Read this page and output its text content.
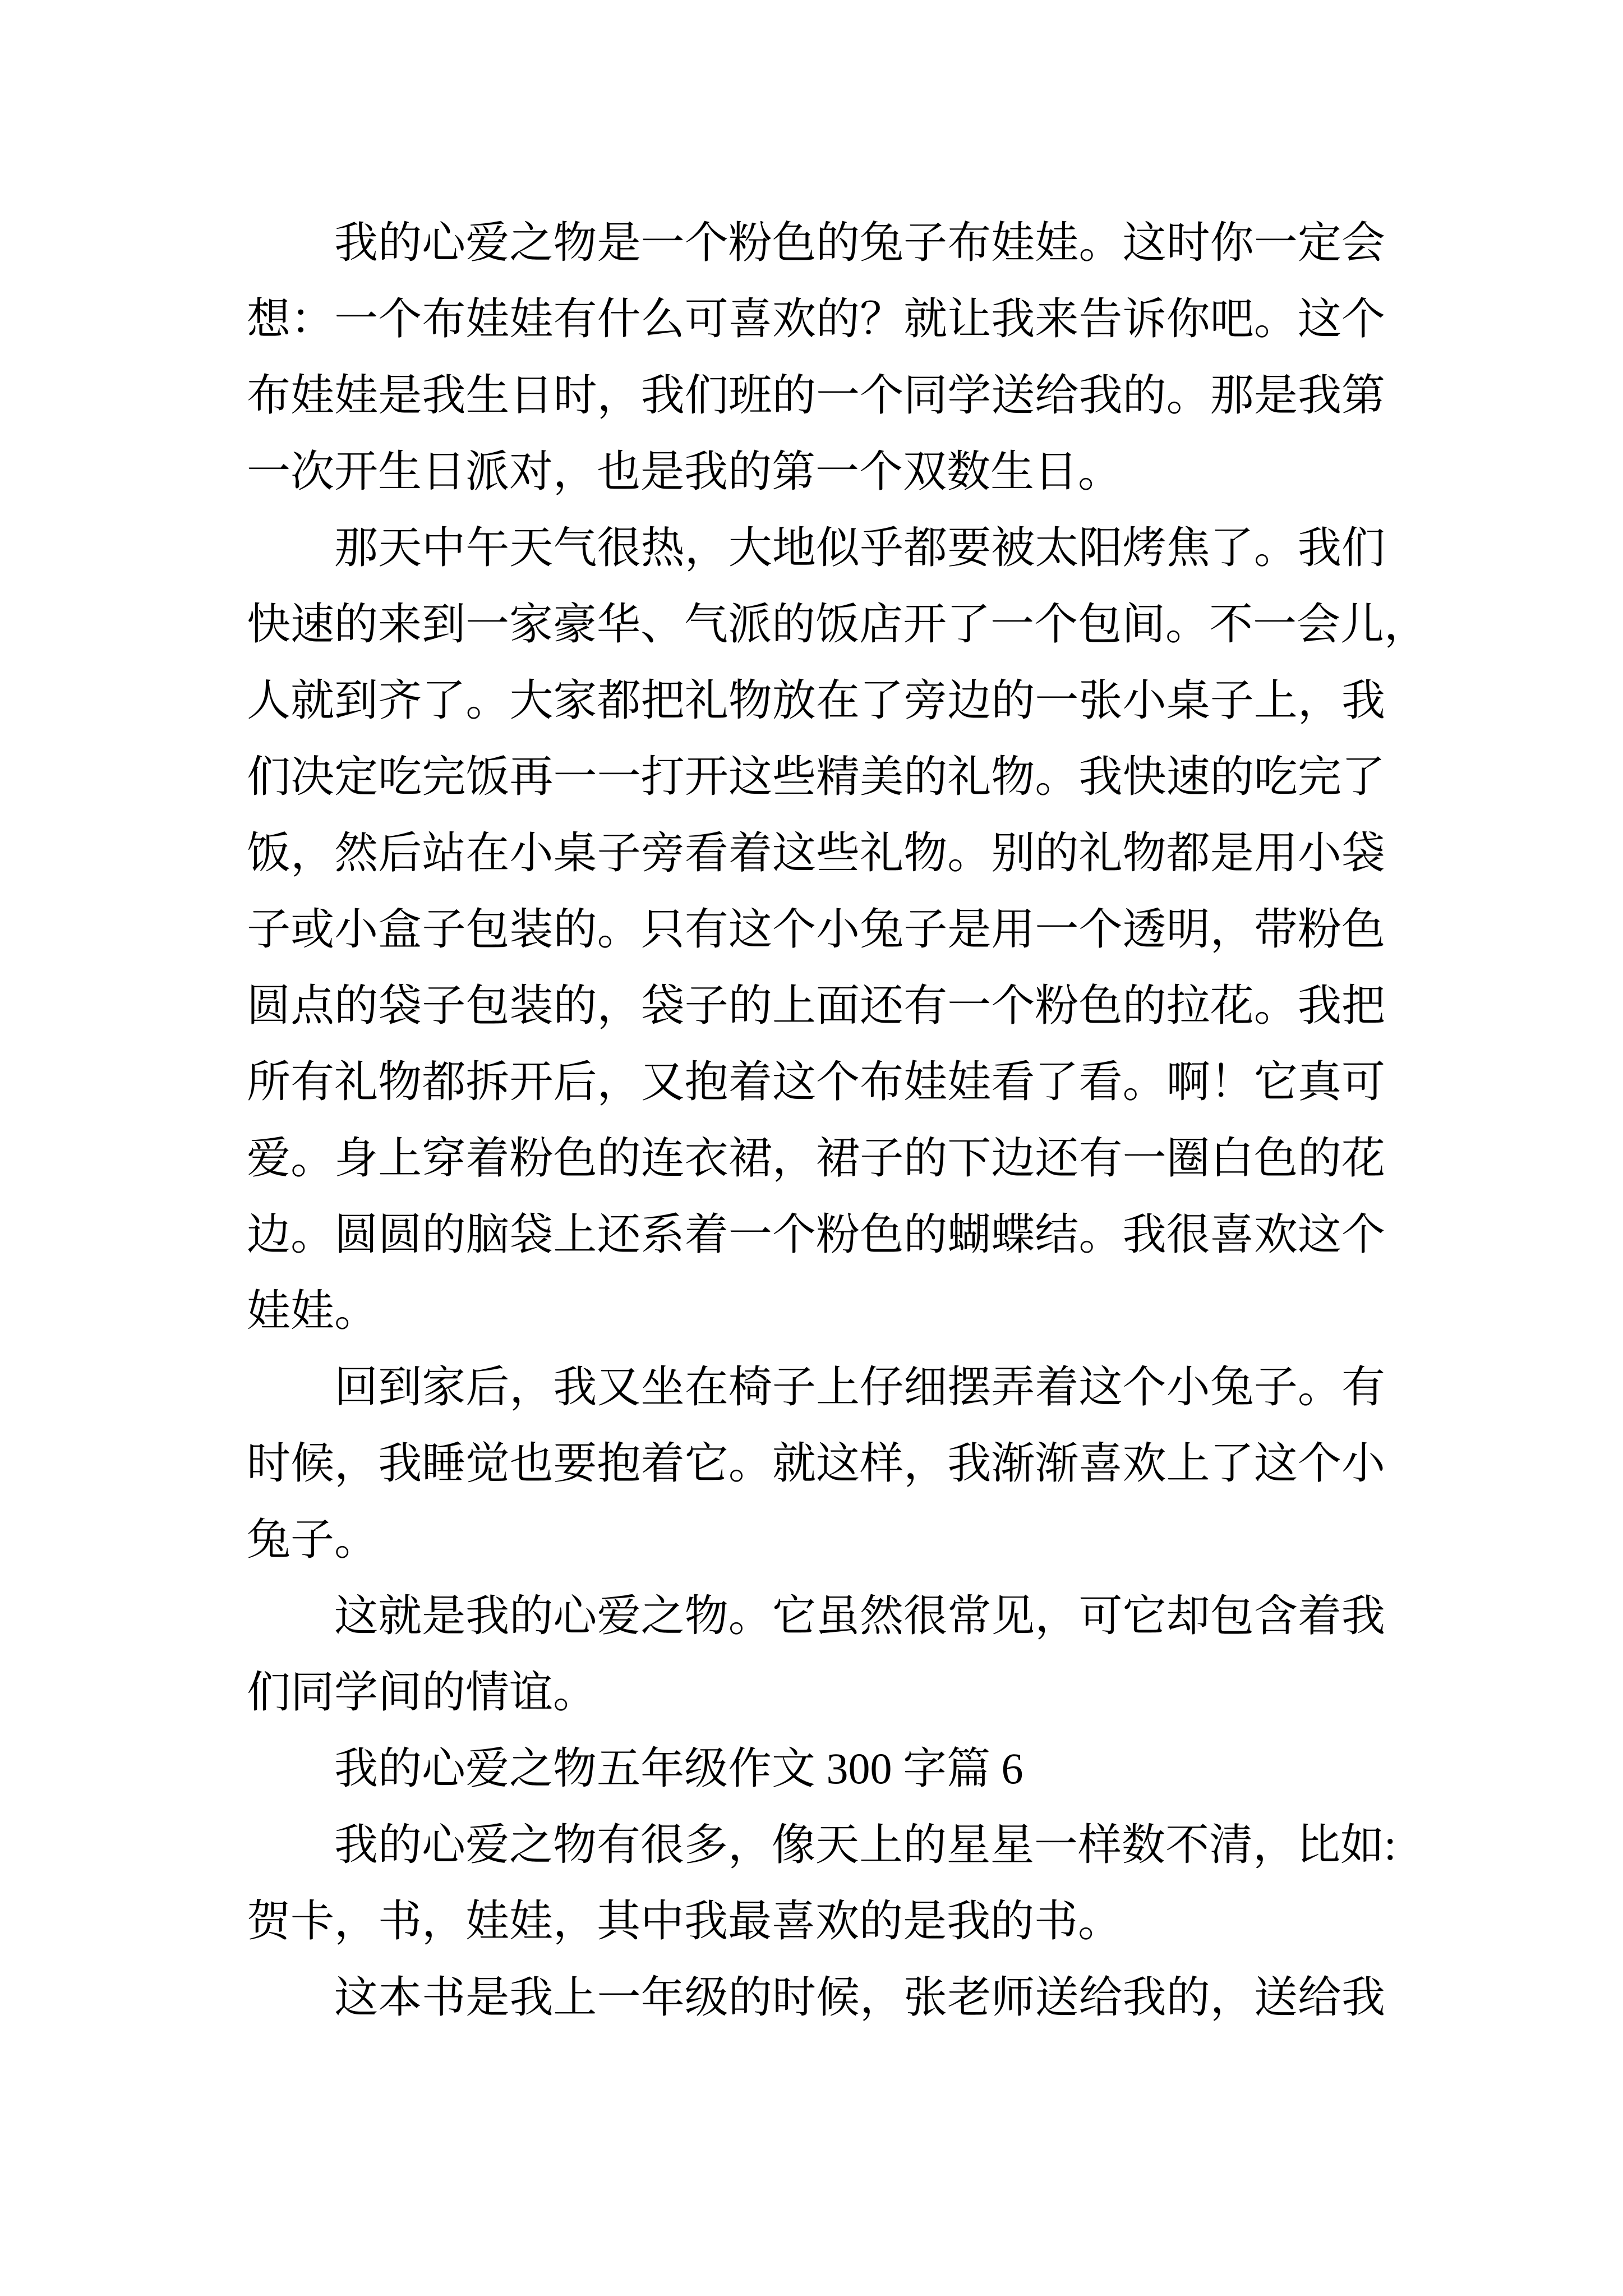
我的心爱之物是一个粉色的兔子布娃娃。这时你一定会
想：一个布娃娃有什么可喜欢的？就让我来告诉你吧。这个
布娃娃是我生日时，我们班的一个同学送给我的。那是我第
一次开生日派对，也是我的第一个双数生日。
那天中午天气很热，大地似乎都要被太阳烤焦了。我们
快速的来到一家豪华、气派的饭店开了一个包间。不一会儿，
人就到齐了。大家都把礼物放在了旁边的一张小桌子上，我
们决定吃完饭再一一打开这些精美的礼物。我快速的吃完了
饭，然后站在小桌子旁看着这些礼物。别的礼物都是用小袋
子或小盒子包装的。只有这个小兔子是用一个透明，带粉色
圆点的袋子包装的，袋子的上面还有一个粉色的拉花。我把
所有礼物都拆开后，又抱着这个布娃娃看了看。啊！它真可
爱。身上穿着粉色的连衣裙，裙子的下边还有一圈白色的花
边。圆圆的脑袋上还系着一个粉色的蝴蝶结。我很喜欢这个
娃娃。
回到家后，我又坐在椅子上仔细摆弄着这个小兔子。有
时候，我睡觉也要抱着它。就这样，我渐渐喜欢上了这个小
兔子。
这就是我的心爱之物。它虽然很常见，可它却包含着我
们同学间的情谊。
我的心爱之物五年级作文 300 字篇 6
我的心爱之物有很多，像天上的星星一样数不清，比如:
贺卡，书，娃娃，其中我最喜欢的是我的书。
这本书是我上一年级的时候，张老师送给我的，送给我
